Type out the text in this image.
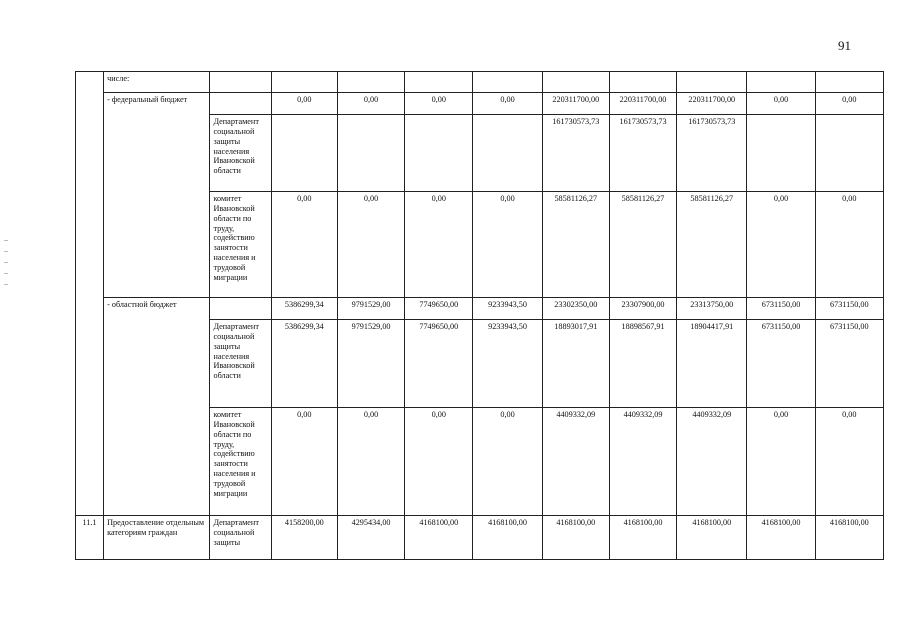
91
	числе:										
	- федеральный бюджет		0,00	0,00	0,00	0,00	220311700,00	220311700,00	220311700,00	0,00	0,00
		Департамент социальной защиты населения Ивановской области					161730573,73	161730573,73	161730573,73		
		комитет Ивановской области по труду, содействию занятости населения и трудовой миграции	0,00	0,00	0,00	0,00	58581126,27	58581126,27	58581126,27	0,00	0,00
	- областной бюджет		5386299,34	9791529,00	7749650,00	9233943,50	23302350,00	23307900,00	23313750,00	6731150,00	6731150,00
		Департамент социальной защиты населения Ивановской области	5386299,34	9791529,00	7749650,00	9233943,50	18893017,91	18898567,91	18904417,91	6731150,00	6731150,00
		комитет Ивановской области по труду, содействию занятости населения и трудовой миграции	0,00	0,00	0,00	0,00	4409332,09	4409332,09	4409332,09	0,00	0,00
11.1	Предоставление отдельным категориям граждан	Департамент социальной защиты	4158200,00	4295434,00	4168100,00	4168100,00	4168100,00	4168100,00	4168100,00	4168100,00	4168100,00
